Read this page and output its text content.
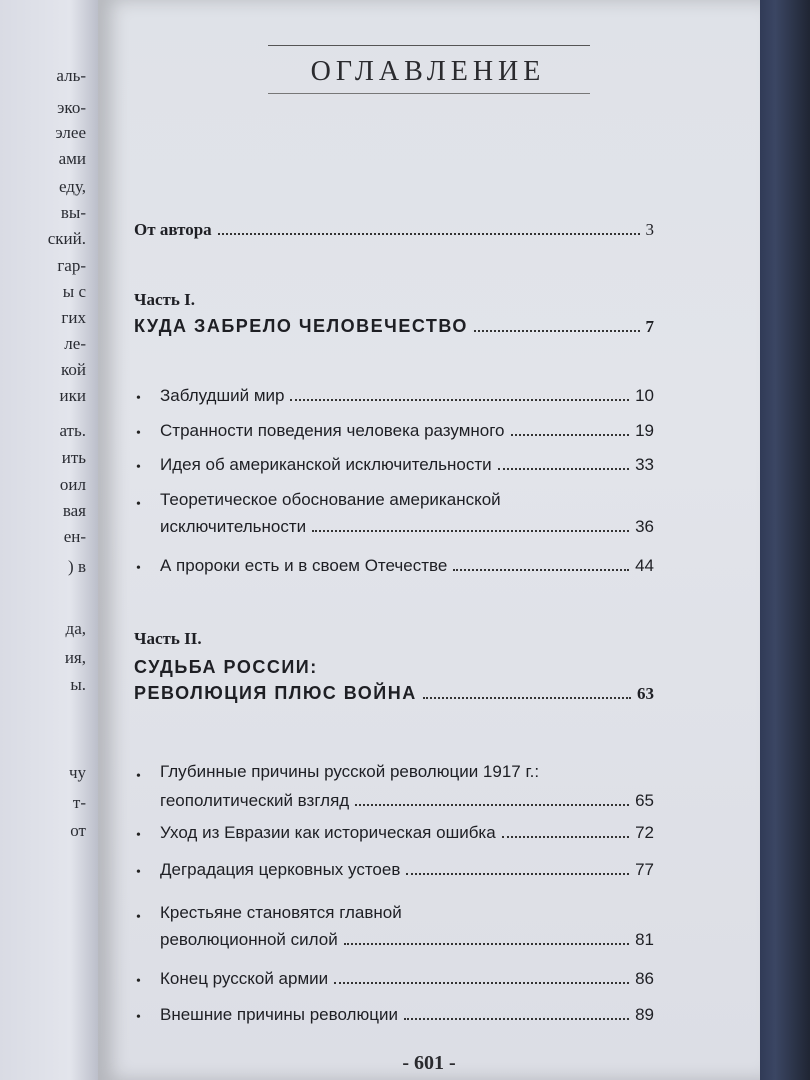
аль-
эко-
элее
ами
еду,
вы-
ский.
гар-
ы с
гих
ле-
кой
ики
ать.
ить
оил
вая
ен-
) в
да,
ия,
ы.
чу
т-
от
ОГЛАВЛЕНИЕ
От автора	3
Часть I.
КУДА ЗАБРЕЛО ЧЕЛОВЕЧЕСТВО	7
• Заблудший мир	10
• Странности поведения человека разумного	19
• Идея об американской исключительности	33
• Теоретическое обоснование американской
исключительности	36
• А пророки есть и в своем Отечестве	44
Часть II.
СУДЬБА РОССИИ:
РЕВОЛЮЦИЯ ПЛЮС ВОЙНА	63
• Глубинные причины русской революции 1917 г.:
геополитический взгляд	65
• Уход из Евразии как историческая ошибка	72
• Деградация церковных устоев	77
• Крестьяне становятся главной
революционной силой	81
• Конец русской армии	86
• Внешние причины революции	89
- 601 -
